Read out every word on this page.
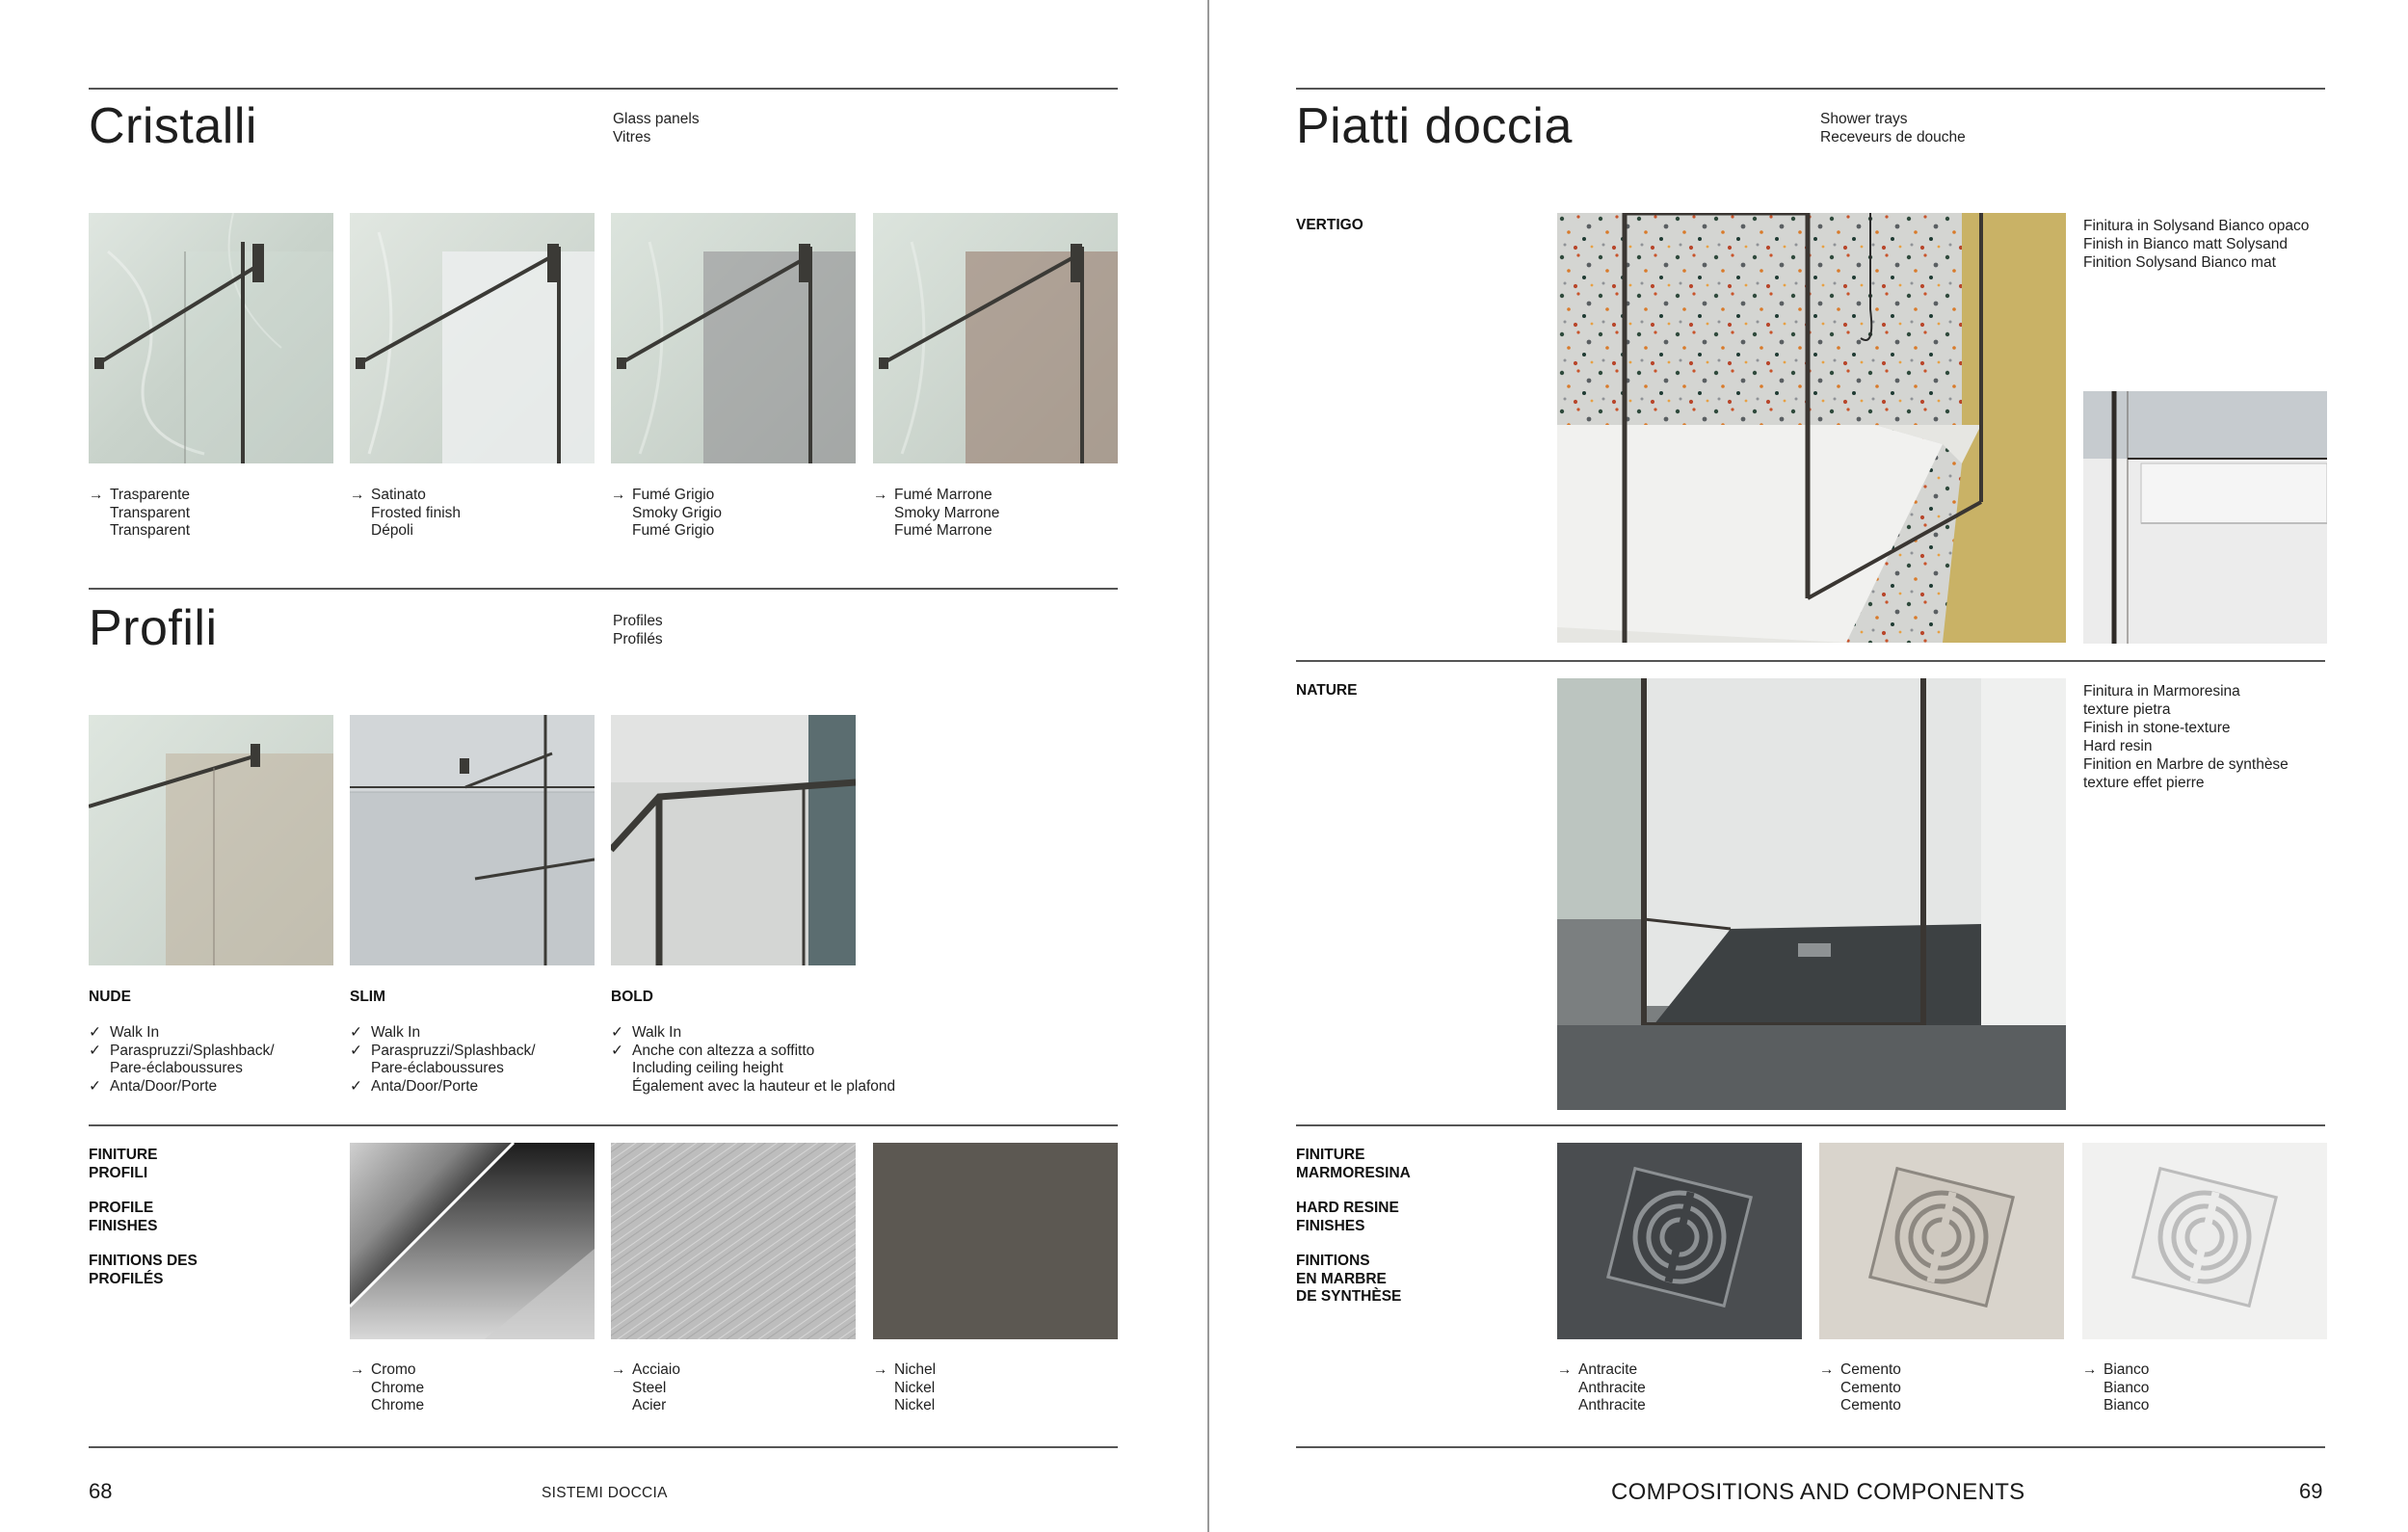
Cristalli	Glass panels
Vitres
→ Trasparente
Transparent
Transparent
→ Satinato
Frosted finish
Dépoli
→ Fumé Grigio
Smoky Grigio
Fumé Grigio
→ Fumé Marrone
Smoky Marrone
Fumé Marrone
Profili	Profiles
Profilés
NUDE	SLIM	BOLD
✓ Walk In
✓ Paraspruzzi/Splashback/
Pare-éclaboussures
✓ Anta/Door/Porte
✓ Walk In
✓ Paraspruzzi/Splashback/
Pare-éclaboussures
✓ Anta/Door/Porte
✓ Walk In
✓ Anche con altezza a soffitto
Including ceiling height
Également avec la hauteur et le plafond
FINITURE
PROFILI
PROFILE
FINISHES
FINITIONS DES
PROFILÉS
→ Cromo
Chrome
Chrome
→ Acciaio
Steel
Acier
→ Nichel
Nickel
Nickel
68	SISTEMI DOCCIA
Piatti doccia	Shower trays
Receveurs de douche
VERTIGO	Finitura in Solysand Bianco opaco
Finish in Bianco matt Solysand
Finition Solysand Bianco mat
NATURE	Finitura in Marmoresina
texture pietra
Finish in stone-texture
Hard resin
Finition en Marbre de synthèse
texture effet pierre
FINITURE
MARMORESINA
HARD RESINE
FINISHES
FINITIONS
EN MARBRE
DE SYNTHÈSE
→ Antracite
Anthracite
Anthracite
→ Cemento
Cemento
Cemento
→ Bianco
Bianco
Bianco
COMPOSITIONS AND COMPONENTS	69
